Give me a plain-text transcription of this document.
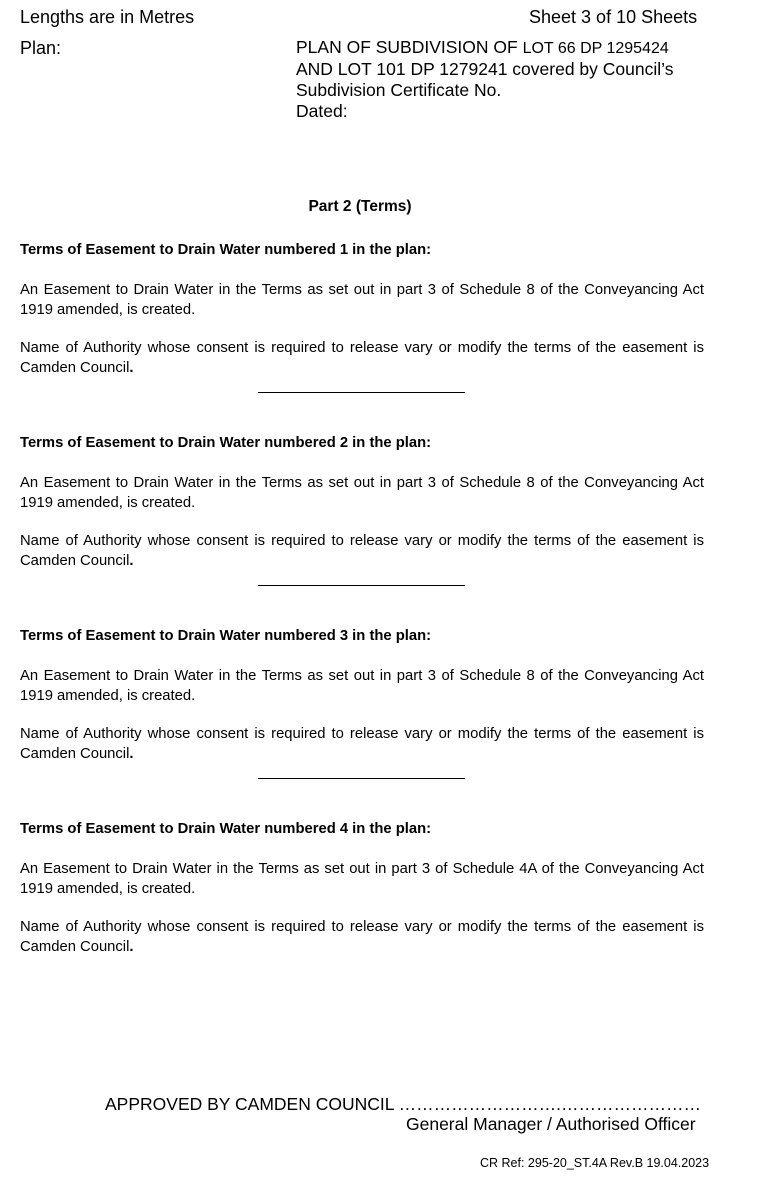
Lengths are in Metres	Sheet 3 of 10 Sheets
Plan:	PLAN OF SUBDIVISION OF LOT 66 DP 1295424
AND LOT 101 DP 1279241 covered by Council’s
Subdivision Certificate No.
Dated:
Part 2 (Terms)
Terms of Easement to Drain Water numbered 1 in the plan:
An Easement to Drain Water in the Terms as set out in part 3 of Schedule 8 of the Conveyancing Act 1919 amended, is created.
Name of Authority whose consent is required to release vary or modify the terms of the easement is Camden Council.
Terms of Easement to Drain Water numbered 2 in the plan:
An Easement to Drain Water in the Terms as set out in part 3 of Schedule 8 of the Conveyancing Act 1919 amended, is created.
Name of Authority whose consent is required to release vary or modify the terms of the easement is Camden Council.
Terms of Easement to Drain Water numbered 3 in the plan:
An Easement to Drain Water in the Terms as set out in part 3 of Schedule 8 of the Conveyancing Act 1919 amended, is created.
Name of Authority whose consent is required to release vary or modify the terms of the easement is Camden Council.
Terms of Easement to Drain Water numbered 4 in the plan:
An Easement to Drain Water in the Terms as set out in part 3 of Schedule 4A of the Conveyancing Act 1919 amended, is created.
Name of Authority whose consent is required to release vary or modify the terms of the easement is Camden Council.
APPROVED BY CAMDEN COUNCIL ……………………….……………………
General Manager / Authorised Officer
CR Ref: 295-20_ST.4A Rev.B 19.04.2023
